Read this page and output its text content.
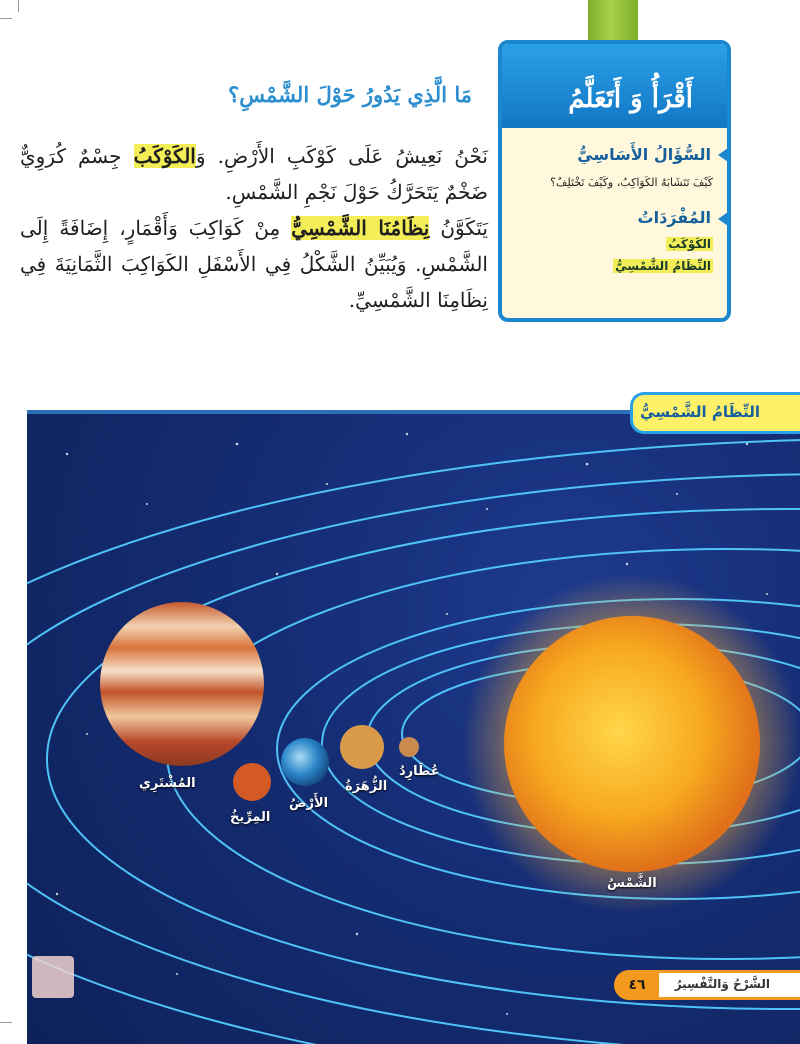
أَقْرَأُ وَ أَتَعَلَّمُ
السُّؤَالُ الأَسَاسِيُّ
كَيْفَ تَتَشَابَهُ الكَوَاكِبُ، وكَيْفَ تَخْتَلِفُ؟
المُفْرَدَاتُ
الكَوْكَبُ
النِّظَامُ الشَّمْسِيُّ
مَا الَّذِي يَدُورُ حَوْلَ الشَّمْسِ؟
نَحْنُ نَعِيشُ عَلَى كَوْكَبِ الأَرْضِ. وَالكَوْكَبُ جِسْمٌ كُرَوِيٌّ ضَخْمٌ يَتَحَرَّكُ حَوْلَ نَجْمِ الشَّمْسِ.
يَتَكَوَّنُ نِظَامُنَا الشَّمْسِيُّ مِنْ كَوَاكِبَ وَأَقْمَارٍ، إِضَافَةً إِلَى الشَّمْسِ. وَيُبَيِّنُ الشَّكْلُ فِي الأَسْفَلِ الكَوَاكِبَ الثَّمَانِيَةَ فِي نِظَامِنَا الشَّمْسِيِّ.
الشَّمْسُ
عُطَارِدُ
الزُّهَرَةُ
الأَرْضُ
المِرِّيخُ
المُشْتَرِي
النِّظَامُ الشَّمْسِيُّ
٤٦	الشَّرْحُ وَالتَّفْسِيرُ
